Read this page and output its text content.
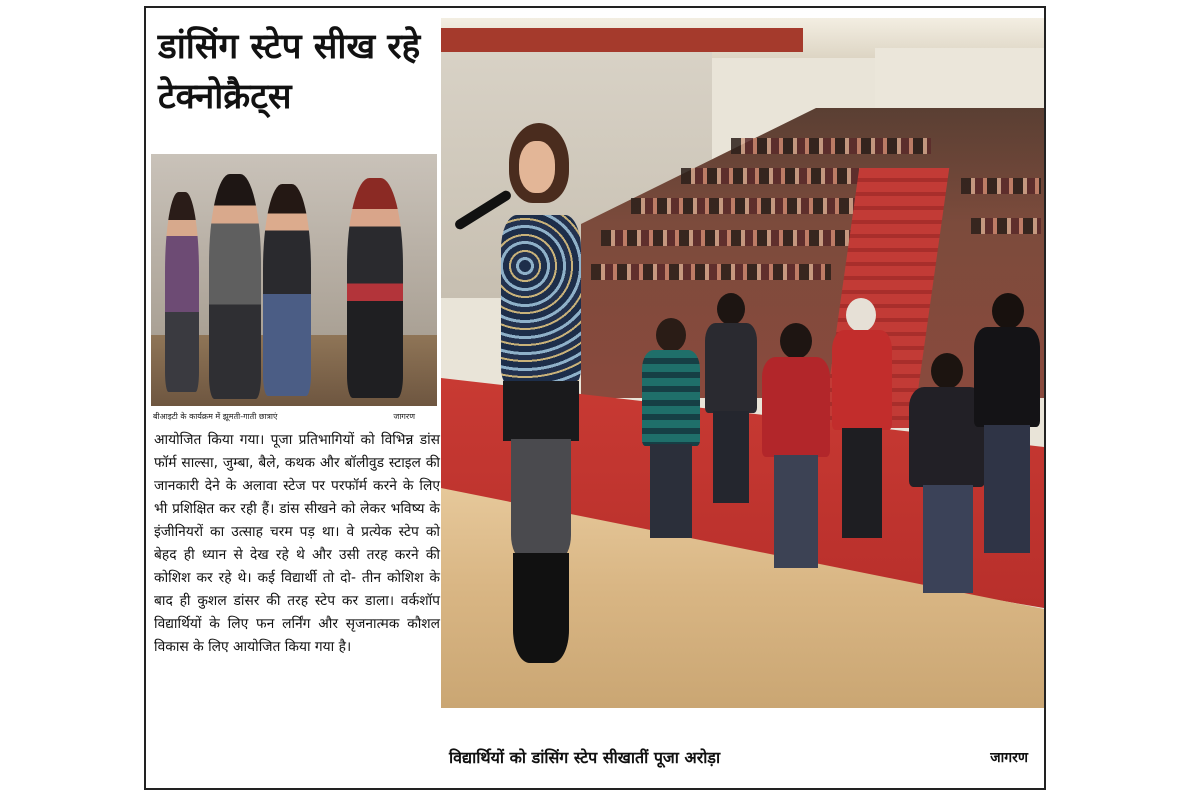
डांसिंग स्टेप सीख रहे टेक्नोक्रैट्स
बीआइटी के कार्यक्रम में झूमती-गाती छात्राएं	जागरण

आयोजित किया गया। पूजा प्रतिभागियों को विभिन्न डांस फॉर्म साल्सा, जुम्बा, बैले, कथक और बॉलीवुड स्टाइल की जानकारी देने के अलावा स्टेज पर परफॉर्म करने के लिए भी प्रशिक्षित कर रही हैं। डांस सीखने को लेकर भविष्य के इंजीनियरों का उत्साह चरम पड़ था। वे प्रत्येक स्टेप को बेहद ही ध्यान से देख रहे थे और उसी तरह करने की कोशिश कर रहे थे। कई विद्यार्थी तो दो- तीन कोशिश के बाद ही कुशल डांसर की तरह स्टेप कर डाला। वर्कशॉप विद्यार्थियों के लिए फन लर्निंग और सृजनात्मक कौशल विकास के लिए आयोजित किया गया है।

विद्यार्थियों को डांसिंग स्टेप सीखातीं पूजा अरोड़ा	जागरण
